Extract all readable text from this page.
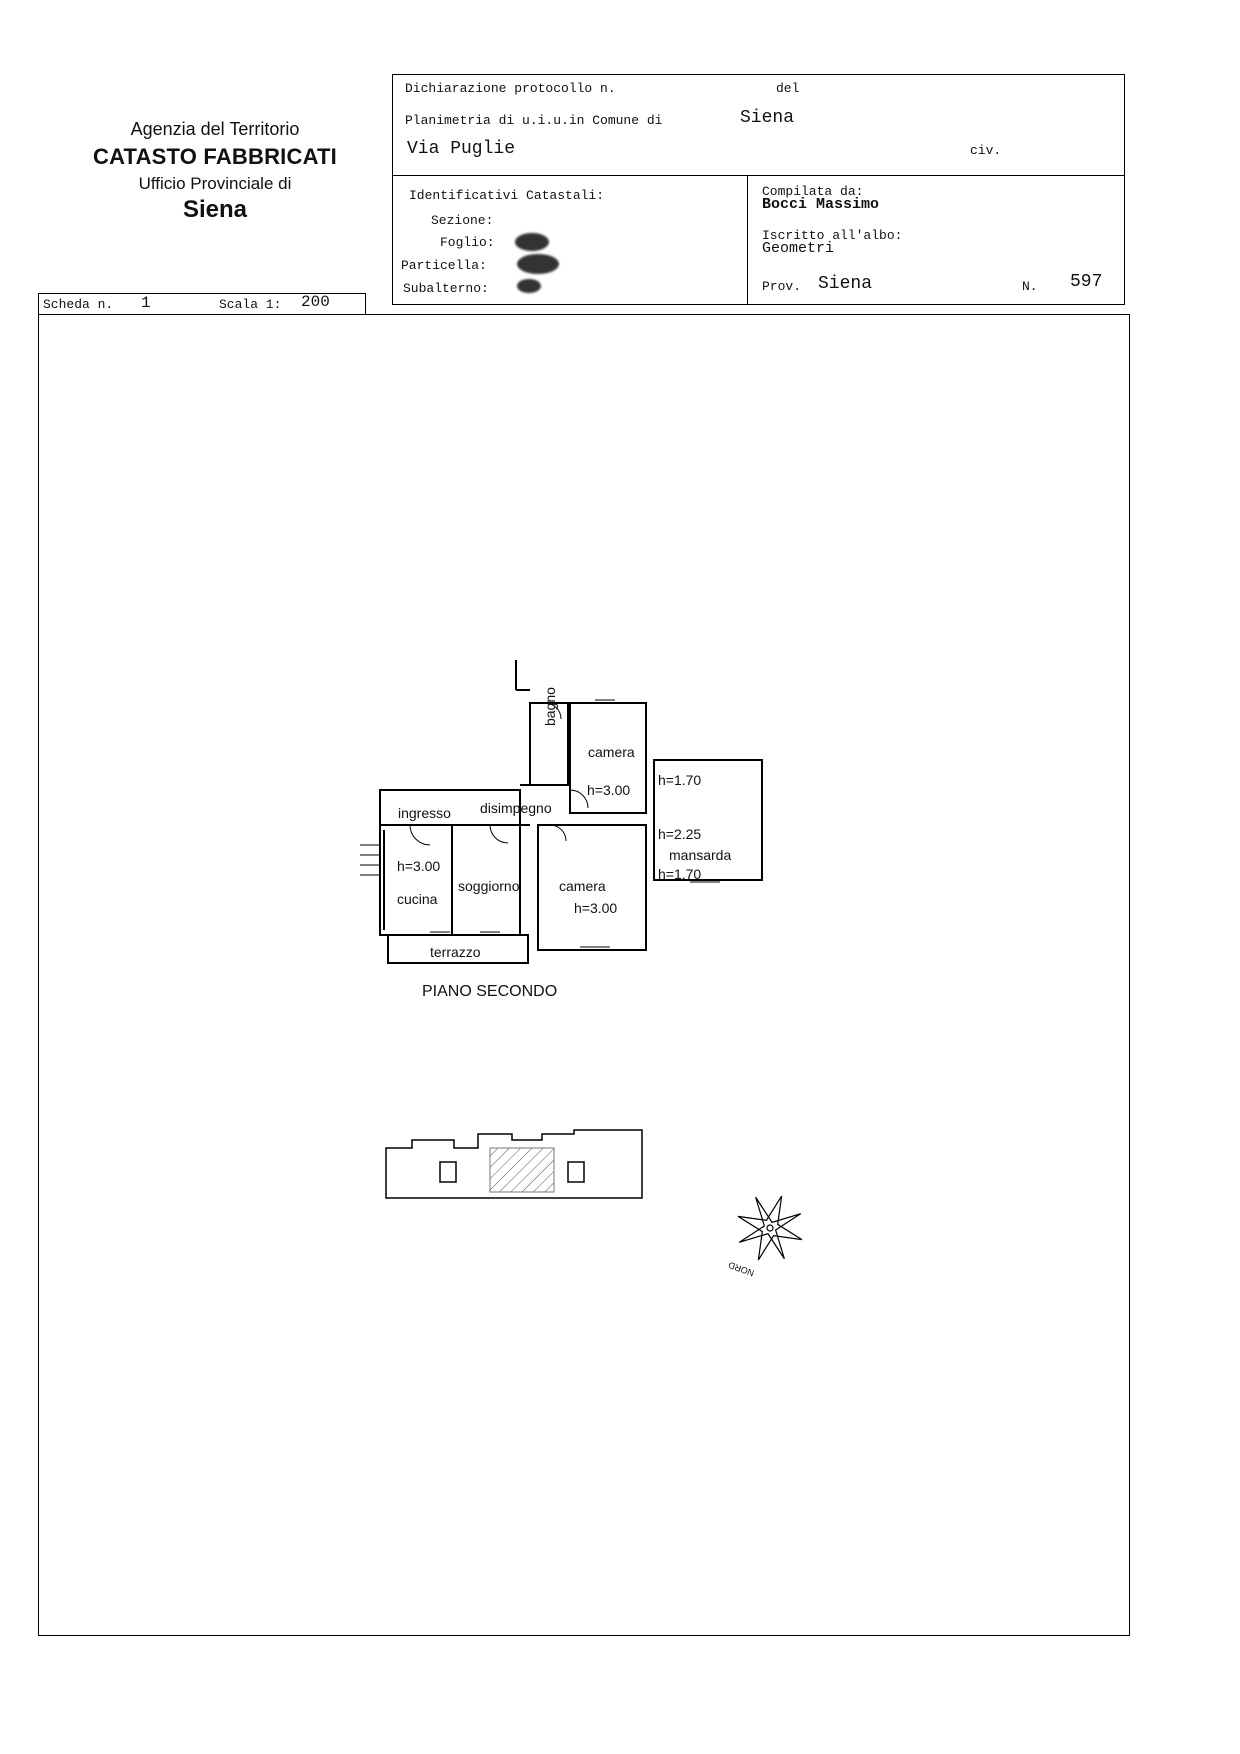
Agenzia del Territorio
CATASTO FABBRICATI
Ufficio Provinciale di
Siena
Dichiarazione protocollo n.	del
Planimetria di u.i.u.in Comune di	Siena
Via Puglie	civ.
Identificativi Catastali:
Sezione:
Foglio:
Particella:
Subalterno:
Compilata da:
Bocci Massimo
Iscritto all'albo:
Geometri
Prov. Siena	N. 597
Scheda n. 1	Scala 1: 200
bagno
camera
h=3.00
ingresso disimpegno
h=3.00
cucina
soggiorno	camera
h=3.00
h=1.70
h=2.25
mansarda
h=1.70
terrazzo
PIANO SECONDO
NORD
